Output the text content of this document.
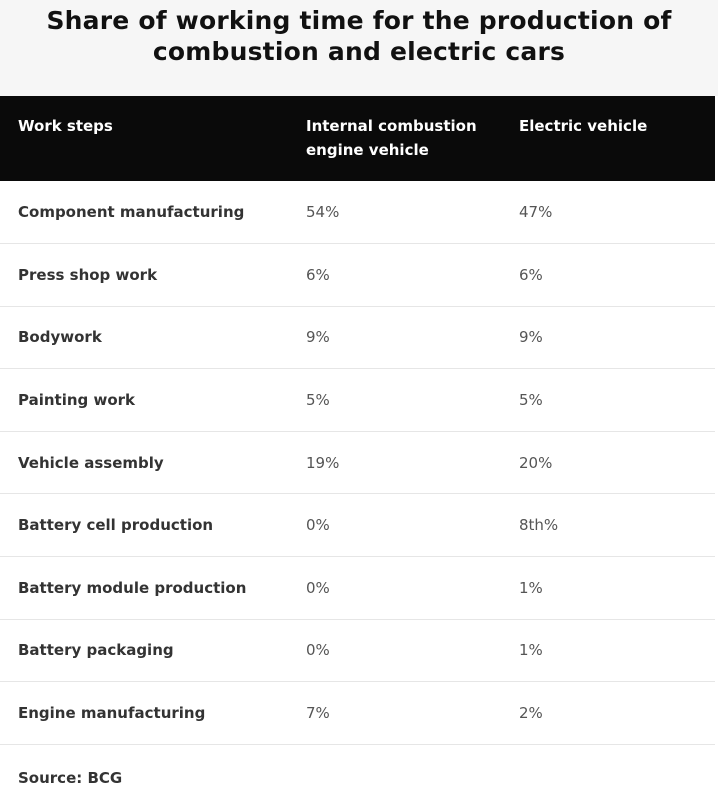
Share of working time for the production of combustion and electric cars
Work steps	Internal combustion engine vehicle	Electric vehicle
Component manufacturing	54%	47%
Press shop work	6%	6%
Bodywork	9%	9%
Painting work	5%	5%
Vehicle assembly	19%	20%
Battery cell production	0%	8th%
Battery module production	0%	1%
Battery packaging	0%	1%
Engine manufacturing	7%	2%
Source: BCG
